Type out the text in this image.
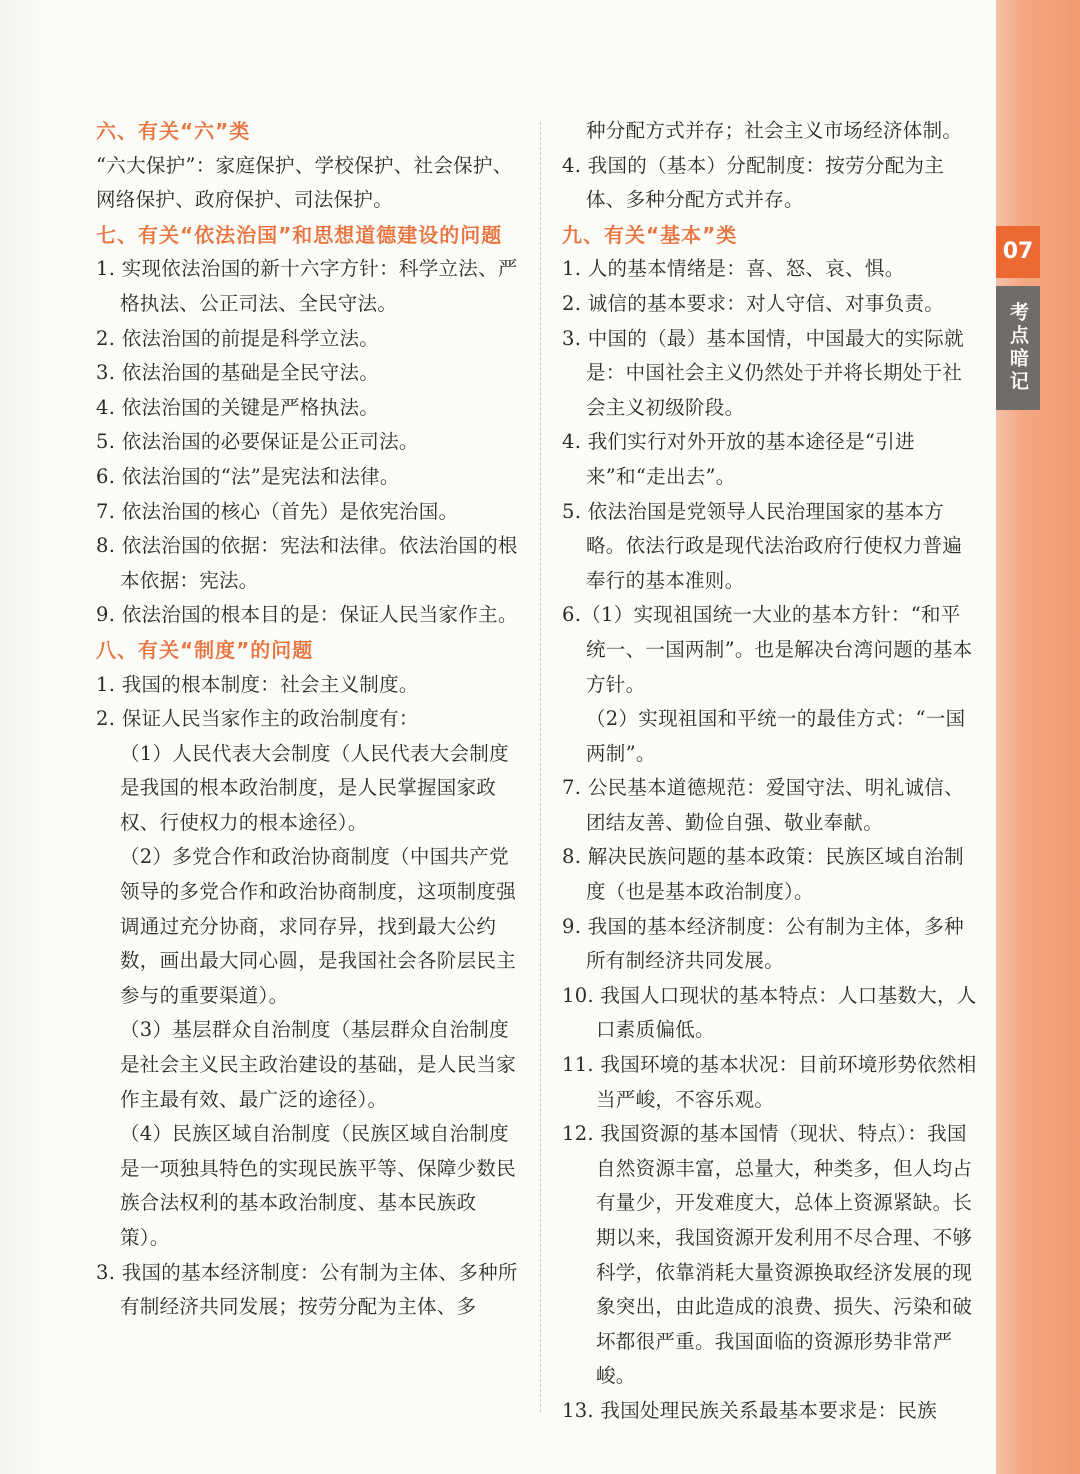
六、有关“六”类

“六大保护”：家庭保护、学校保护、社会保护、网络保护、政府保护、司法保护。

七、有关“依法治国”和思想道德建设的问题

1. 实现依法治国的新十六字方针：科学立法、严格执法、公正司法、全民守法。

2. 依法治国的前提是科学立法。

3. 依法治国的基础是全民守法。

4. 依法治国的关键是严格执法。

5. 依法治国的必要保证是公正司法。

6. 依法治国的“法”是宪法和法律。

7. 依法治国的核心（首先）是依宪治国。

8. 依法治国的依据：宪法和法律。依法治国的根本依据：宪法。

9. 依法治国的根本目的是：保证人民当家作主。

八、有关“制度”的问题

1. 我国的根本制度：社会主义制度。

2. 保证人民当家作主的政治制度有：

（1）人民代表大会制度（人民代表大会制度是我国的根本政治制度，是人民掌握国家政权、行使权力的根本途径）。

（2）多党合作和政治协商制度（中国共产党领导的多党合作和政治协商制度，这项制度强调通过充分协商，求同存异，找到最大公约数，画出最大同心圆，是我国社会各阶层民主参与的重要渠道）。

（3）基层群众自治制度（基层群众自治制度是社会主义民主政治建设的基础，是人民当家作主最有效、最广泛的途径）。

（4）民族区域自治制度（民族区域自治制度是一项独具特色的实现民族平等、保障少数民族合法权利的基本政治制度、基本民族政策）。

3. 我国的基本经济制度：公有制为主体、多种所有制经济共同发展；按劳分配为主体、多

种分配方式并存；社会主义市场经济体制。

4. 我国的（基本）分配制度：按劳分配为主体、多种分配方式并存。

九、有关“基本”类

1. 人的基本情绪是：喜、怒、哀、惧。

2. 诚信的基本要求：对人守信、对事负责。

3. 中国的（最）基本国情，中国最大的实际就是：中国社会主义仍然处于并将长期处于社会主义初级阶段。

4. 我们实行对外开放的基本途径是“引进来”和“走出去”。

5. 依法治国是党领导人民治理国家的基本方略。依法行政是现代法治政府行使权力普遍奉行的基本准则。

6.（1）实现祖国统一大业的基本方针：“和平统一、一国两制”。也是解决台湾问题的基本方针。

（2）实现祖国和平统一的最佳方式：“一国两制”。

7. 公民基本道德规范：爱国守法、明礼诚信、团结友善、勤俭自强、敬业奉献。

8. 解决民族问题的基本政策：民族区域自治制度（也是基本政治制度）。

9. 我国的基本经济制度：公有制为主体，多种所有制经济共同发展。

10. 我国人口现状的基本特点：人口基数大，人口素质偏低。

11. 我国环境的基本状况：目前环境形势依然相当严峻，不容乐观。

12. 我国资源的基本国情（现状、特点）：我国自然资源丰富，总量大，种类多，但人均占有量少，开发难度大，总体上资源紧缺。长期以来，我国资源开发利用不尽合理、不够科学，依靠消耗大量资源换取经济发展的现象突出，由此造成的浪费、损失、污染和破坏都很严重。我国面临的资源形势非常严峻。

13. 我国处理民族关系最基本要求是：民族

07
考点暗记
